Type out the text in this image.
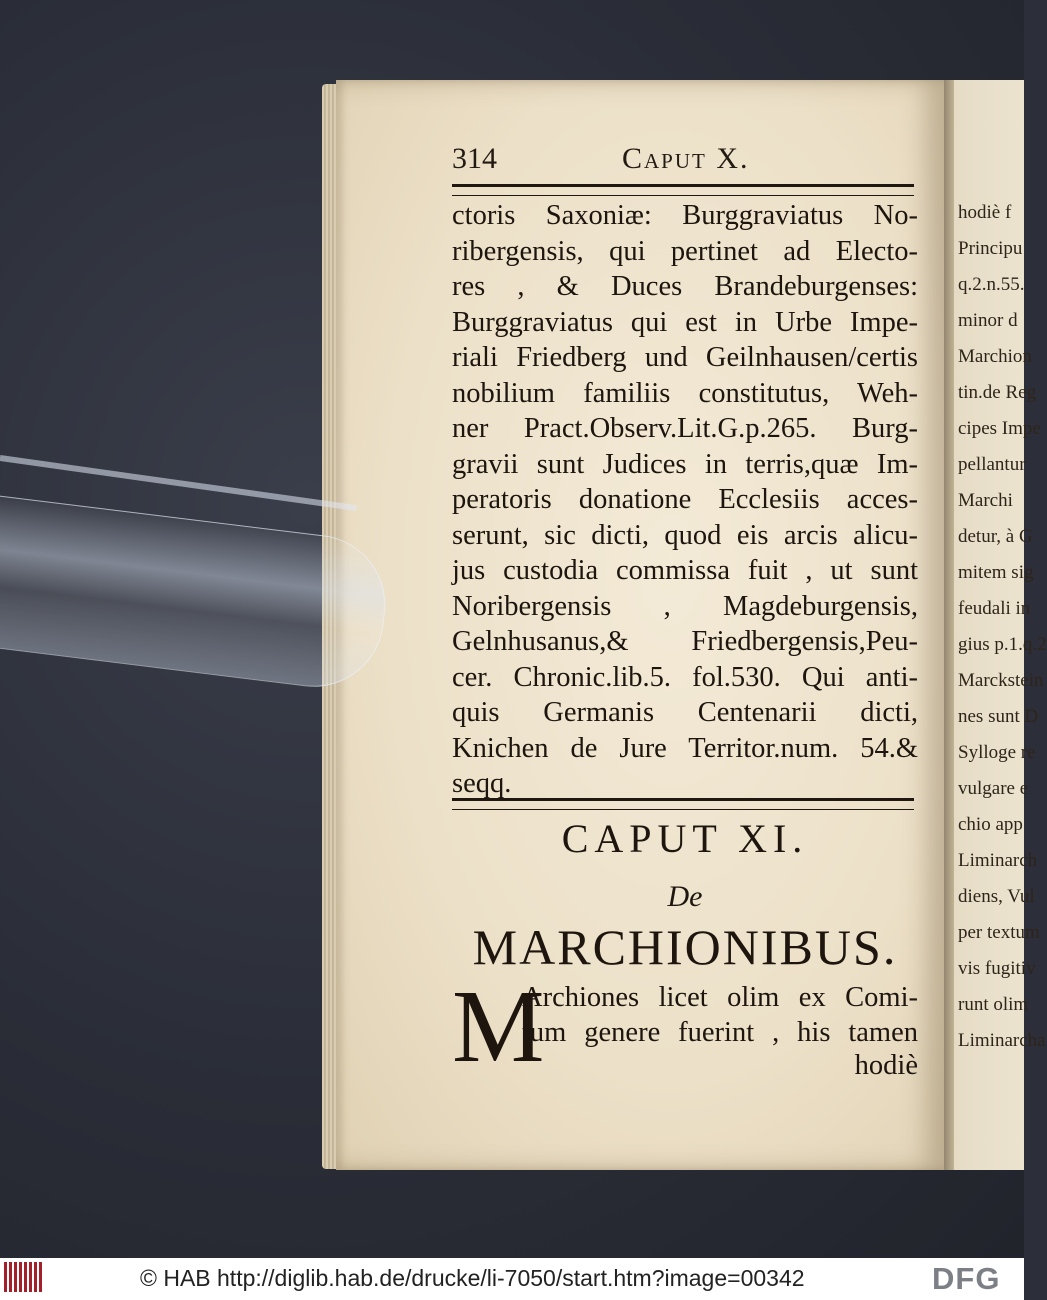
hodiè f
Principu
q.2.n.55.
minor d
Marchion
tin.de Reg
cipes Impe
pellantur
Marchi
detur, à G
mitem sig
feudali in
gius p.1.q.2
Marckstein
nes sunt D
Sylloge re
vulgare e
chio app
Liminarch
diens, Vul
per textum
vis fugitiv
runt olim
Liminarcha
314	Caput X.
ctoris Saxoniæ: Burggraviatus No-
ribergensis, qui pertinet ad Electo-
res , & Duces Brandeburgenses:
Burggraviatus qui est in Urbe Impe-
riali Friedberg und Geilnhausen/certis
nobilium familiis constitutus, Weh-
ner Pract.Observ.Lit.G.p.265. Burg-
gravii sunt Judices in terris,quæ Im-
peratoris donatione Ecclesiis acces-
serunt, sic dicti, quod eis arcis alicu-
jus custodia commissa fuit , ut sunt
Noribergensis , Magdeburgensis,
Gelnhusanus,& Friedbergensis,Peu-
cer. Chronic.lib.5. fol.530. Qui anti-
quis Germanis Centenarii dicti,
Knichen de Jure Territor.num. 54.&
seqq.
CAPUT XI.
De
MARCHIONIBUS.
M
Archiones licet olim ex Comi-
tum genere fuerint , his tamen
hodiè
© HAB http://diglib.hab.de/drucke/li-7050/start.htm?image=00342	DFG
